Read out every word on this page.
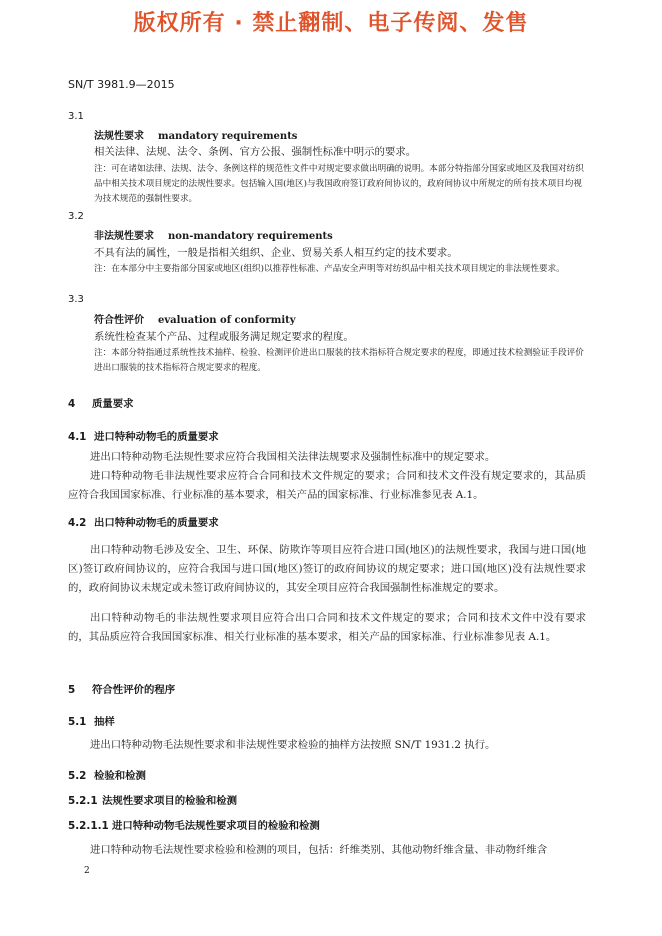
版权所有 · 禁止翻制、电子传阅、发售
SN/T 3981.9—2015
3.1
法规性要求 mandatory requirements
相关法律、法规、法令、条例、官方公报、强制性标准中明示的要求。
注：可在诸如法律、法规、法令、条例这样的规范性文件中对规定要求做出明确的说明。本部分特指部分国家或地区及我国对纺织品中相关技术项目规定的法规性要求。包括输入国(地区)与我国政府签订政府间协议的，政府间协议中所规定的所有技术项目均视为技术规范的强制性要求。
3.2
非法规性要求 non-mandatory requirements
不具有法的属性，一般是指相关组织、企业、贸易关系人相互约定的技术要求。
注：在本部分中主要指部分国家或地区(组织)以推荐性标准、产品安全声明等对纺织品中相关技术项目规定的非法规性要求。
3.3
符合性评价 evaluation of conformity
系统性检查某个产品、过程或服务满足规定要求的程度。
注：本部分特指通过系统性技术抽样、检验、检测评价进出口服装的技术指标符合规定要求的程度，即通过技术检测验证手段评价进出口服装的技术指标符合规定要求的程度。
4 质量要求
4.1 进口特种动物毛的质量要求
进出口特种动物毛法规性要求应符合我国相关法律法规要求及强制性标准中的规定要求。
进口特种动物毛非法规性要求应符合合同和技术文件规定的要求；合同和技术文件没有规定要求的，其品质应符合我国国家标准、行业标准的基本要求，相关产品的国家标准、行业标准参见表 A.1。
4.2 出口特种动物毛的质量要求
出口特种动物毛涉及安全、卫生、环保、防欺诈等项目应符合进口国(地区)的法规性要求，我国与进口国(地区)签订政府间协议的，应符合我国与进口国(地区)签订的政府间协议的规定要求；进口国(地区)没有法规性要求的，政府间协议未规定或未签订政府间协议的，其安全项目应符合我国强制性标准规定的要求。
出口特种动物毛的非法规性要求项目应符合出口合同和技术文件规定的要求；合同和技术文件中没有要求的，其品质应符合我国国家标准、相关行业标准的基本要求，相关产品的国家标准、行业标准参见表 A.1。
5 符合性评价的程序
5.1 抽样
进出口特种动物毛法规性要求和非法规性要求检验的抽样方法按照 SN/T 1931.2 执行。
5.2 检验和检测
5.2.1 法规性要求项目的检验和检测
5.2.1.1 进口特种动物毛法规性要求项目的检验和检测
进口特种动物毛法规性要求检验和检测的项目，包括：纤维类别、其他动物纤维含量、非动物纤维含
2
